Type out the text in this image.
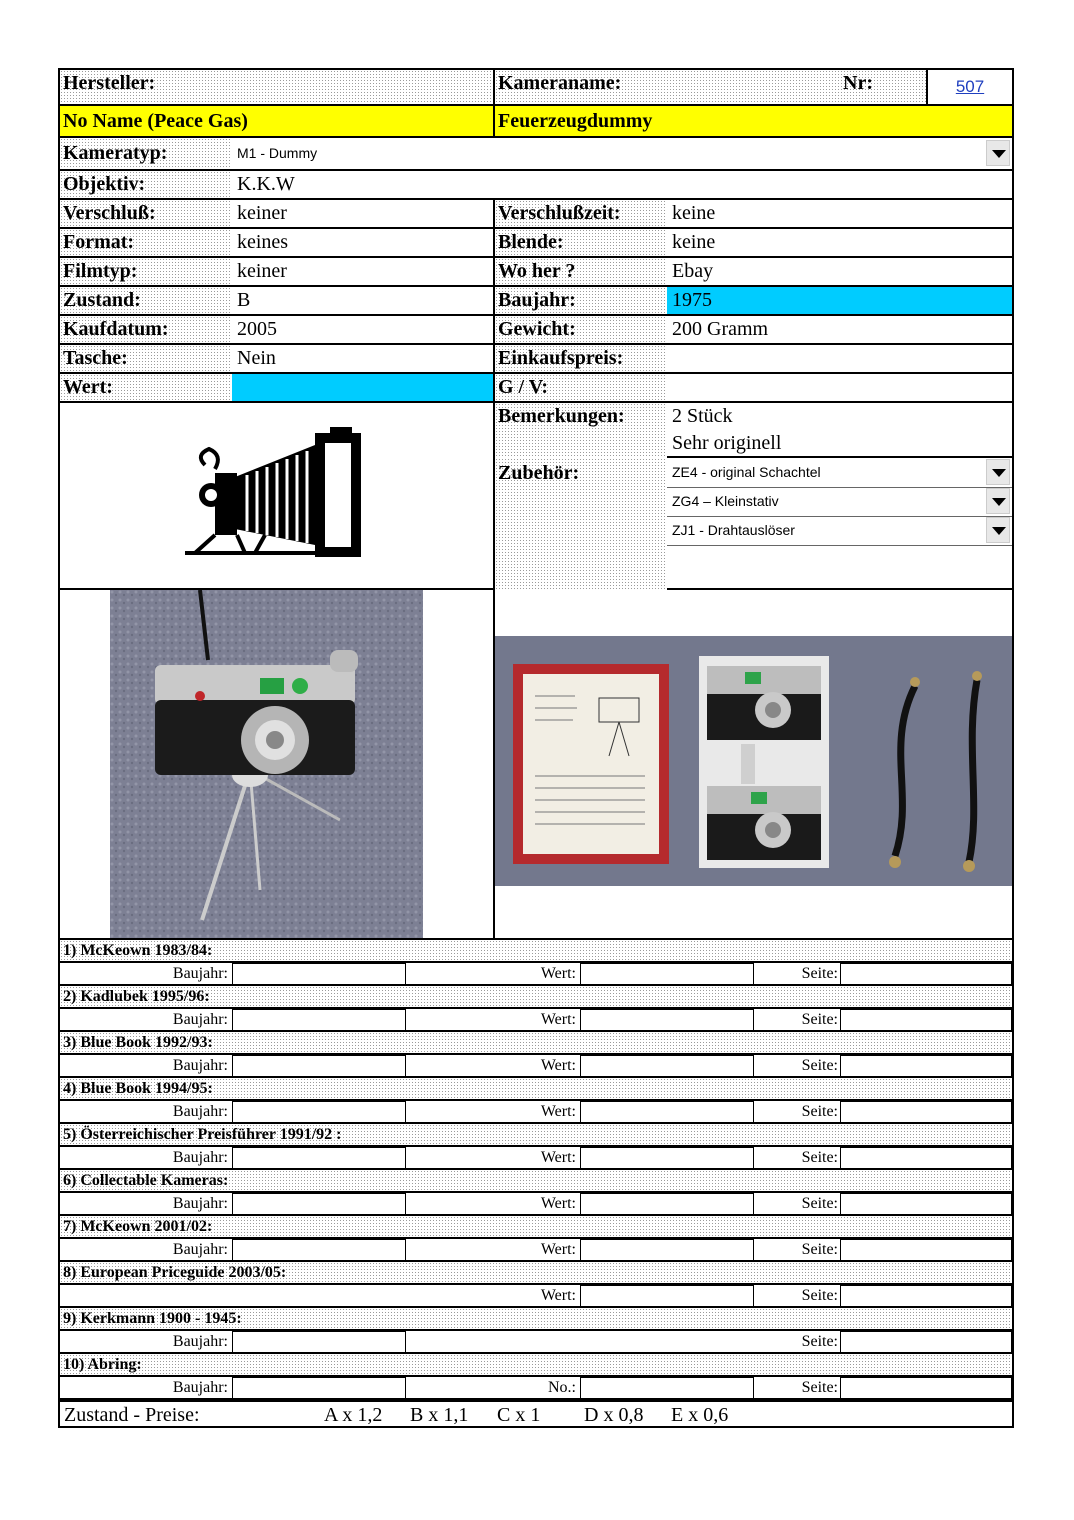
Hersteller:	Kameraname:	Nr:	507
No Name (Peace Gas)	Feuerzeugdummy
Kameratyp:	M1 - Dummy
Objektiv:	K.K.W
Verschluß:	keiner	Verschlußzeit:	keine
Format:	keines	Blende:	keine
Filmtyp:	keiner	Wo her ?	Ebay
Zustand:	B	Baujahr:	1975
Kaufdatum:	2005	Gewicht:	200 Gramm
Tasche:	Nein	Einkaufspreis:
Wert:	G / V:
Zubehör:	ZE4 - original Schachtel
ZG4 – Kleinstativ
ZJ1 - Drahtauslöser
Bemerkungen:	2 Stück
Sehr originell
1) McKeown 1983/84:
Baujahr:	Wert:	Seite:
2) Kadlubek 1995/96:
Baujahr:	Wert:	Seite:
3) Blue Book 1992/93:
Baujahr:	Wert:	Seite:
4) Blue Book 1994/95:
Baujahr:	Wert:	Seite:
5) Österreichischer Preisführer 1991/92 :
Baujahr:	Wert:	Seite:
6) Collectable Kameras:
Baujahr:	Wert:	Seite:
7) McKeown 2001/02:
Baujahr:	Wert:	Seite:
8) European Priceguide 2003/05:
Wert:	Seite:
9) Kerkmann 1900 - 1945:
Baujahr:	Seite:
10) Abring:
Baujahr:	No.:	Seite:
Zustand - Preise:	A x 1,2 B x 1,1 C x 1 D x 0,8 E x 0,6
